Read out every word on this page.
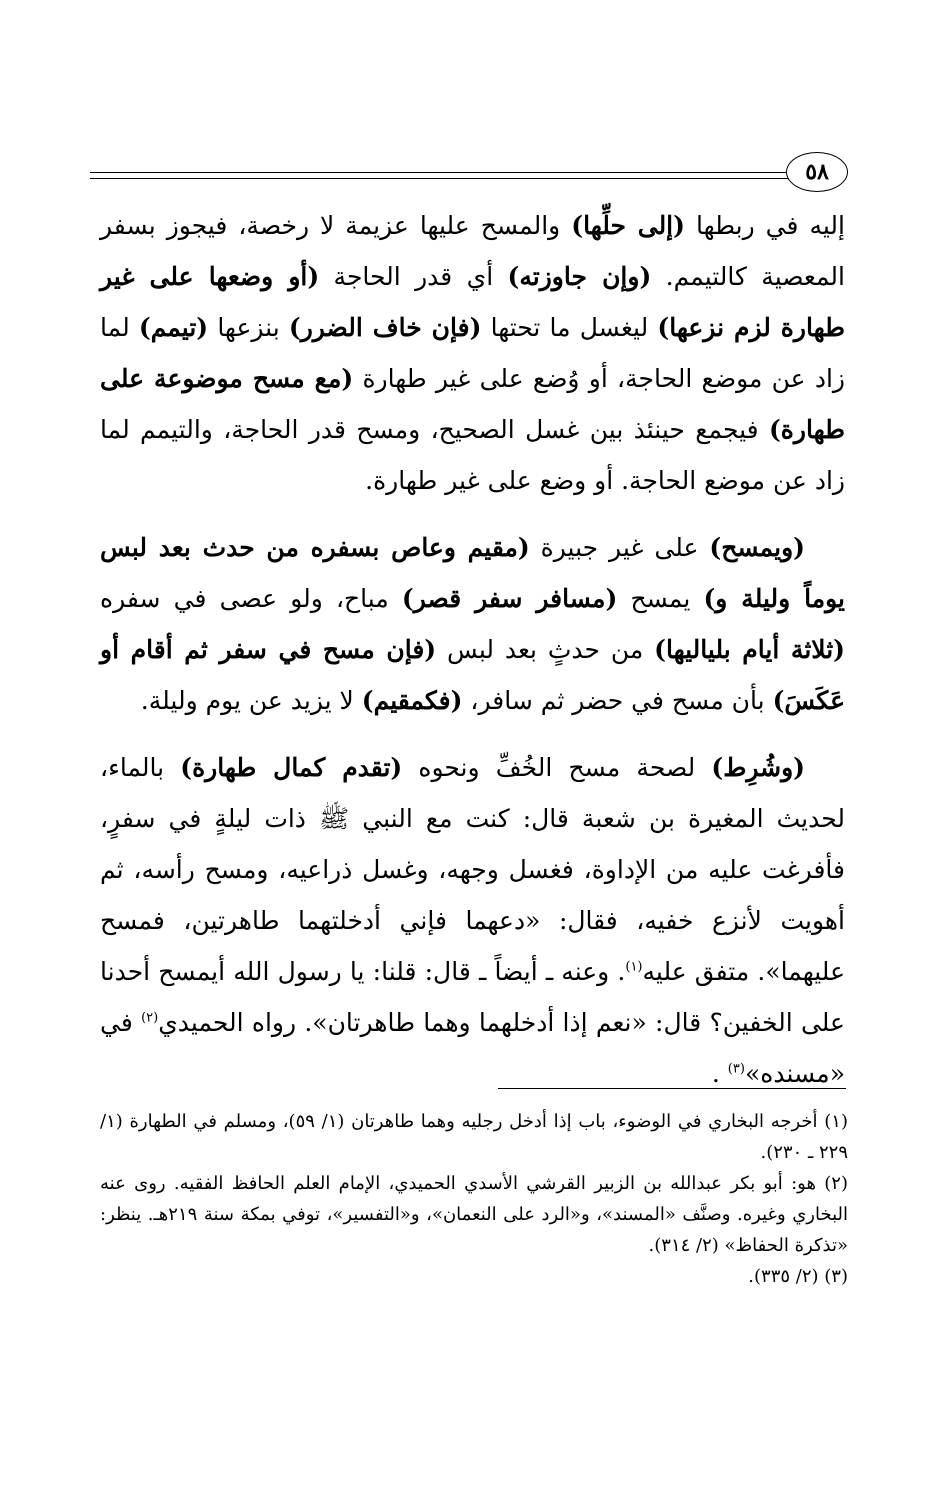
٥٨

إليه في ربطها (إلى حلِّها) والمسح عليها عزيمة لا رخصة، فيجوز بسفر المعصية كالتيمم. (وإن جاوزته) أي قدر الحاجة (أو وضعها على غير طهارة لزم نزعها) ليغسل ما تحتها (فإن خاف الضرر) بنزعها (تيمم) لما زاد عن موضع الحاجة، أو وُضع على غير طهارة (مع مسح موضوعة على طهارة) فيجمع حينئذ بين غسل الصحيح، ومسح قدر الحاجة، والتيمم لما زاد عن موضع الحاجة. أو وضع على غير طهارة.

(ويمسح) على غير جبيرة (مقيم وعاص بسفره من حدث بعد لبس يوماً وليلة و) يمسح (مسافر سفر قصر) مباح، ولو عصى في سفره (ثلاثة أيام بلياليها) من حدثٍ بعد لبس (فإن مسح في سفر ثم أقام أو عَكَسَ) بأن مسح في حضر ثم سافر، (فكمقيم) لا يزيد عن يوم وليلة.

(وشُرِط) لصحة مسح الخُفِّ ونحوه (تقدم كمال طهارة) بالماء، لحديث المغيرة بن شعبة قال: كنت مع النبي ﷺ ذات ليلةٍ في سفرٍ، فأفرغت عليه من الإداوة، فغسل وجهه، وغسل ذراعيه، ومسح رأسه، ثم أهويت لأنزع خفيه، فقال: «دعهما فإني أدخلتهما طاهرتين، فمسح عليهما». متفق عليه$^{(١)}$. وعنه ـ أيضاً ـ قال: قلنا: يا رسول الله أيمسح أحدنا على الخفين؟ قال: «نعم إذا أدخلهما وهما طاهرتان». رواه الحميدي$^{(٢)}$ في «مسنده»$^{(٣)}$ .

(١) أخرجه البخاري في الوضوء، باب إذا أدخل رجليه وهما طاهرتان (١/ ٥٩)، ومسلم في الطهارة (١/ ٢٢٩ ـ ٢٣٠).

(٢) هو: أبو بكر عبدالله بن الزبير القرشي الأسدي الحميدي، الإمام العلم الحافظ الفقيه. روى عنه البخاري وغيره. وصنَّف «المسند»، و«الرد على النعمان»، و«التفسير»، توفي بمكة سنة ٢١٩هـ. ينظر: «تذكرة الحفاظ» (٢/ ٣١٤).

(٣) (٢/ ٣٣٥).
